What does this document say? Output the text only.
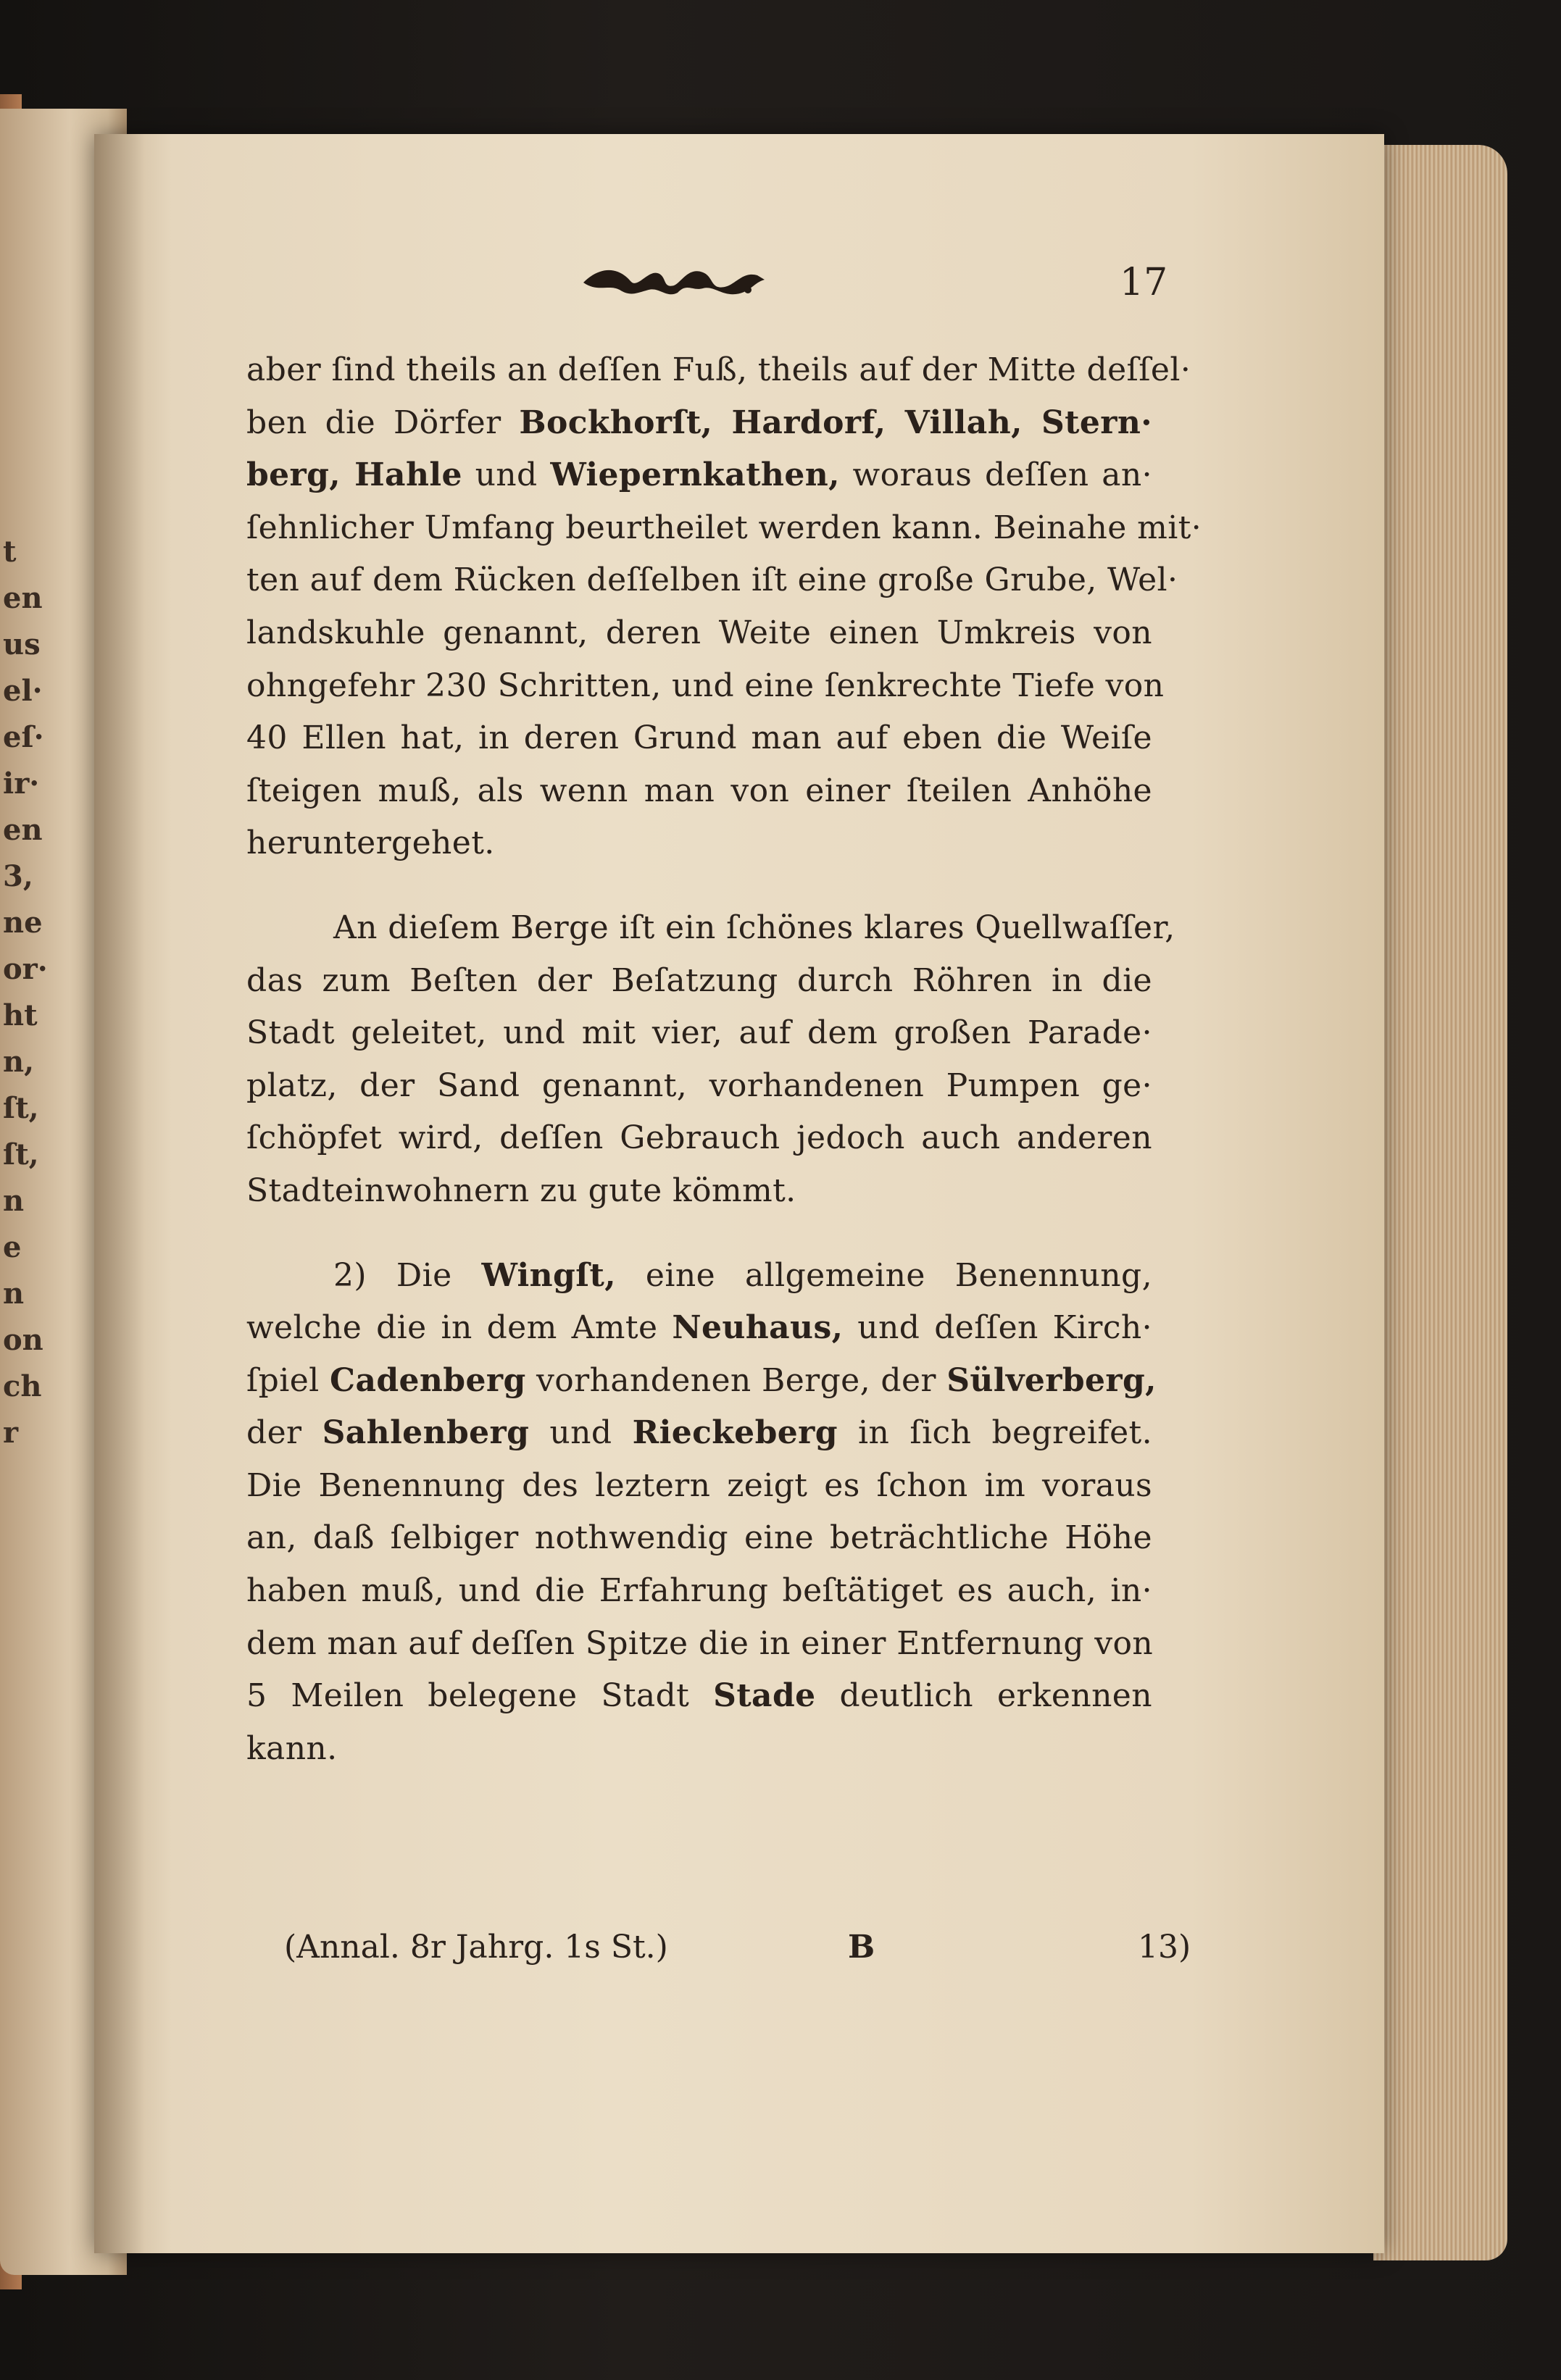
t
en
us
el·
eſ·
ir·
en
3,
ne
or·
ht
n,
ſt,
ſt,
n
e
n
on
ch
r
17
aber ſind theils an deſſen Fuß, theils auf der Mitte deſſel·
ben die Dörfer Bockhorſt, Hardorf, Villah, Stern·
berg, Hahle und Wiepernkathen, woraus deſſen an·
ſehnlicher Umfang beurtheilet werden kann. Beinahe mit·
ten auf dem Rücken deſſelben iſt eine große Grube, Wel·
landskuhle genannt, deren Weite einen Umkreis von
ohngefehr 230 Schritten, und eine ſenkrechte Tiefe von
40 Ellen hat, in deren Grund man auf eben die Weiſe
ſteigen muß, als wenn man von einer ſteilen Anhöhe
heruntergehet.
An dieſem Berge iſt ein ſchönes klares Quellwaſſer,
das zum Beſten der Beſatzung durch Röhren in die
Stadt geleitet, und mit vier, auf dem großen Parade·
platz, der Sand genannt, vorhandenen Pumpen ge·
ſchöpfet wird, deſſen Gebrauch jedoch auch anderen
Stadteinwohnern zu gute kömmt.
2) Die Wingſt, eine allgemeine Benennung,
welche die in dem Amte Neuhaus, und deſſen Kirch·
ſpiel Cadenberg vorhandenen Berge, der Sülverberg,
der Sahlenberg und Rieckeberg in ſich begreifet.
Die Benennung des leztern zeigt es ſchon im voraus
an, daß ſelbiger nothwendig eine beträchtliche Höhe
haben muß, und die Erfahrung beſtätiget es auch, in·
dem man auf deſſen Spitze die in einer Entfernung von
5 Meilen belegene Stadt Stade deutlich erkennen
kann.
(Annal. 8r Jahrg. 1s St.)	B	13)
